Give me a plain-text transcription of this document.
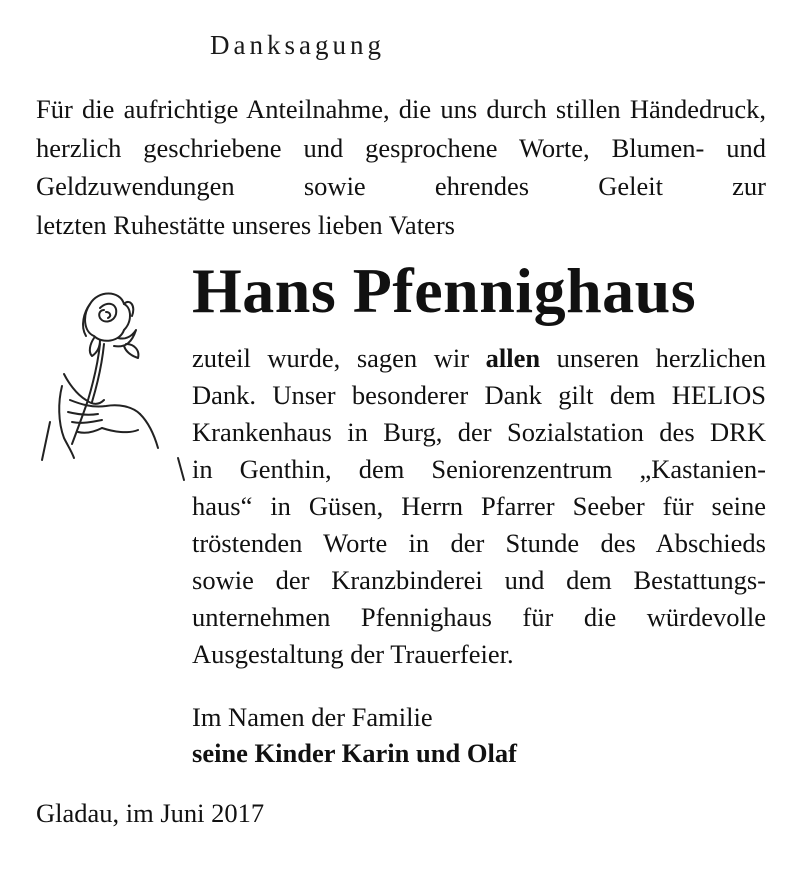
Danksagung
Für die aufrichtige Anteilnahme, die uns durch stillen Händedruck, herzlich geschriebene und gesprochene Worte, Blumen- und Geldzuwendungen sowie ehrendes Geleit zur
letzten Ruhestätte unseres lieben Vaters
Hans Pfennighaus
zuteil wurde, sagen wir allen unseren herzlichen
Dank. Unser besonderer Dank gilt dem HELIOS
Krankenhaus in Burg, der Sozialstation des DRK
in Genthin, dem Seniorenzentrum „Kastanien-
haus“ in Güsen, Herrn Pfarrer Seeber für seine
tröstenden Worte in der Stunde des Abschieds
sowie der Kranzbinderei und dem Bestattungs-
unternehmen Pfennighaus für die würdevolle
Ausgestaltung der Trauerfeier.
Im Namen der Familie
seine Kinder Karin und Olaf
Gladau, im Juni 2017
